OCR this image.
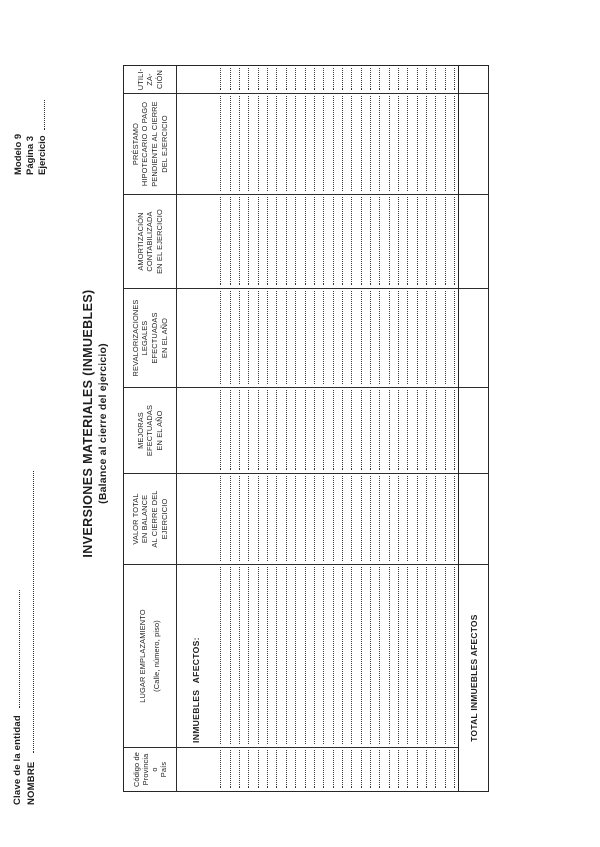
Clave de la entidad NOMBRE
Modelo 9 Página 3 Ejercicio
INVERSIONES MATERIALES (INMUEBLES) (Balance al cierre del ejercicio)
Código de Provincia o País
LUGAR EMPLAZAMIENTO (Calle, número, piso)
VALOR TOTAL EN BALANCE AL CIERRE DEL EJERCICIO
MEJORAS EFECTUADAS EN EL AÑO
REVALORIZACIONES LEGALES EFECTUADAS EN EL AÑO
AMORTIZACIÓN CONTABILIZADA EN EL EJERCICIO
PRÉSTAMO HIPOTECARIO O PAGO PENDIENTE AL CIERRE DEL EJERCICIO
UTILI- ZA- CIÓN
INMUEBLES AFECTOS:	TOTAL INMUEBLES AFECTOS
